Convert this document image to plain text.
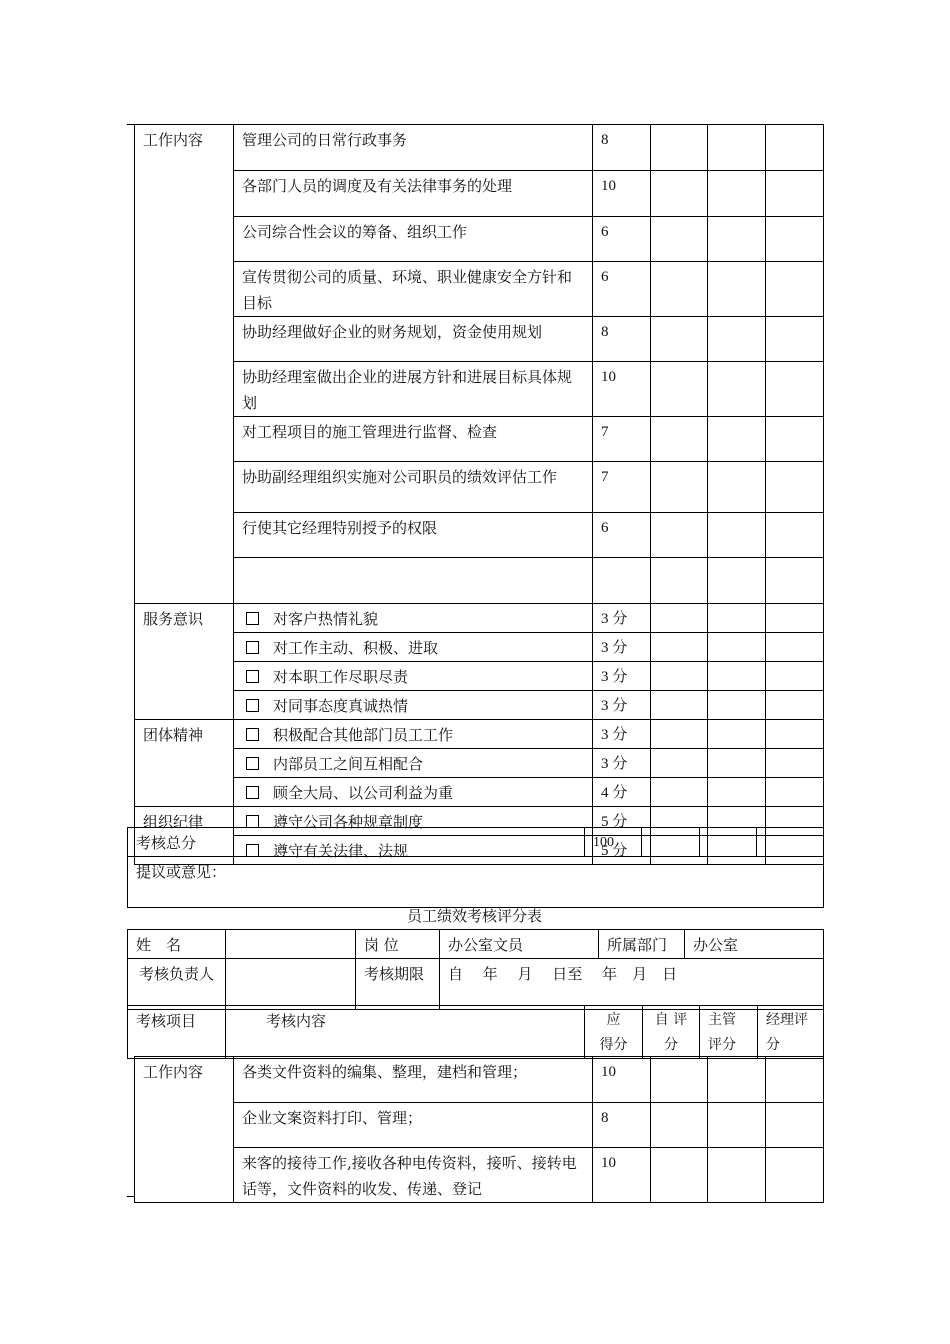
工作内容	管理公司的日常行政事务	8			
	各部门人员的调度及有关法律事务的处理	10			
	公司综合性会议的筹备、组织工作	6			
	宣传贯彻公司的质量、环境、职业健康安全方针和目标	6			
	协助经理做好企业的财务规划，资金使用规划	8			
	协助经理室做出企业的进展方针和进展目标具体规划	10			
	对工程项目的施工管理进行监督、检查	7			
	协助副经理组织实施对公司职员的绩效评估工作	7			
	行使其它经理特别授予的权限	6			

服务意识	对客户热情礼貌	3 分			
	对工作主动、积极、进取	3 分			
	对本职工作尽职尽责	3 分			
	对同事态度真诚热情	3 分			
团体精神	积极配合其他部门员工工作	3 分			
	内部员工之间互相配合	3 分			
	顾全大局、以公司利益为重	4 分			
组织纪律	遵守公司各种规章制度	5 分			
	遵守有关法律、法规	5 分			
考核总分	100			
提议或意见：
员工绩效考核评分表
姓　名		岗 位	办公室文员	所属部门	办公室
考核负责人		考核期限	自　 年　 月　 日至　 年　月　日		
考核项目	考核内容	应　得分	自 评分	主管评分	经理评分
工作内容	各类文件资料的编集、整理，建档和管理；	10			
	企业文案资料打印、管理；	8			
	来客的接待工作,接收各种电传资料，接听、接转电话等，文件资料的收发、传递、登记	10			
